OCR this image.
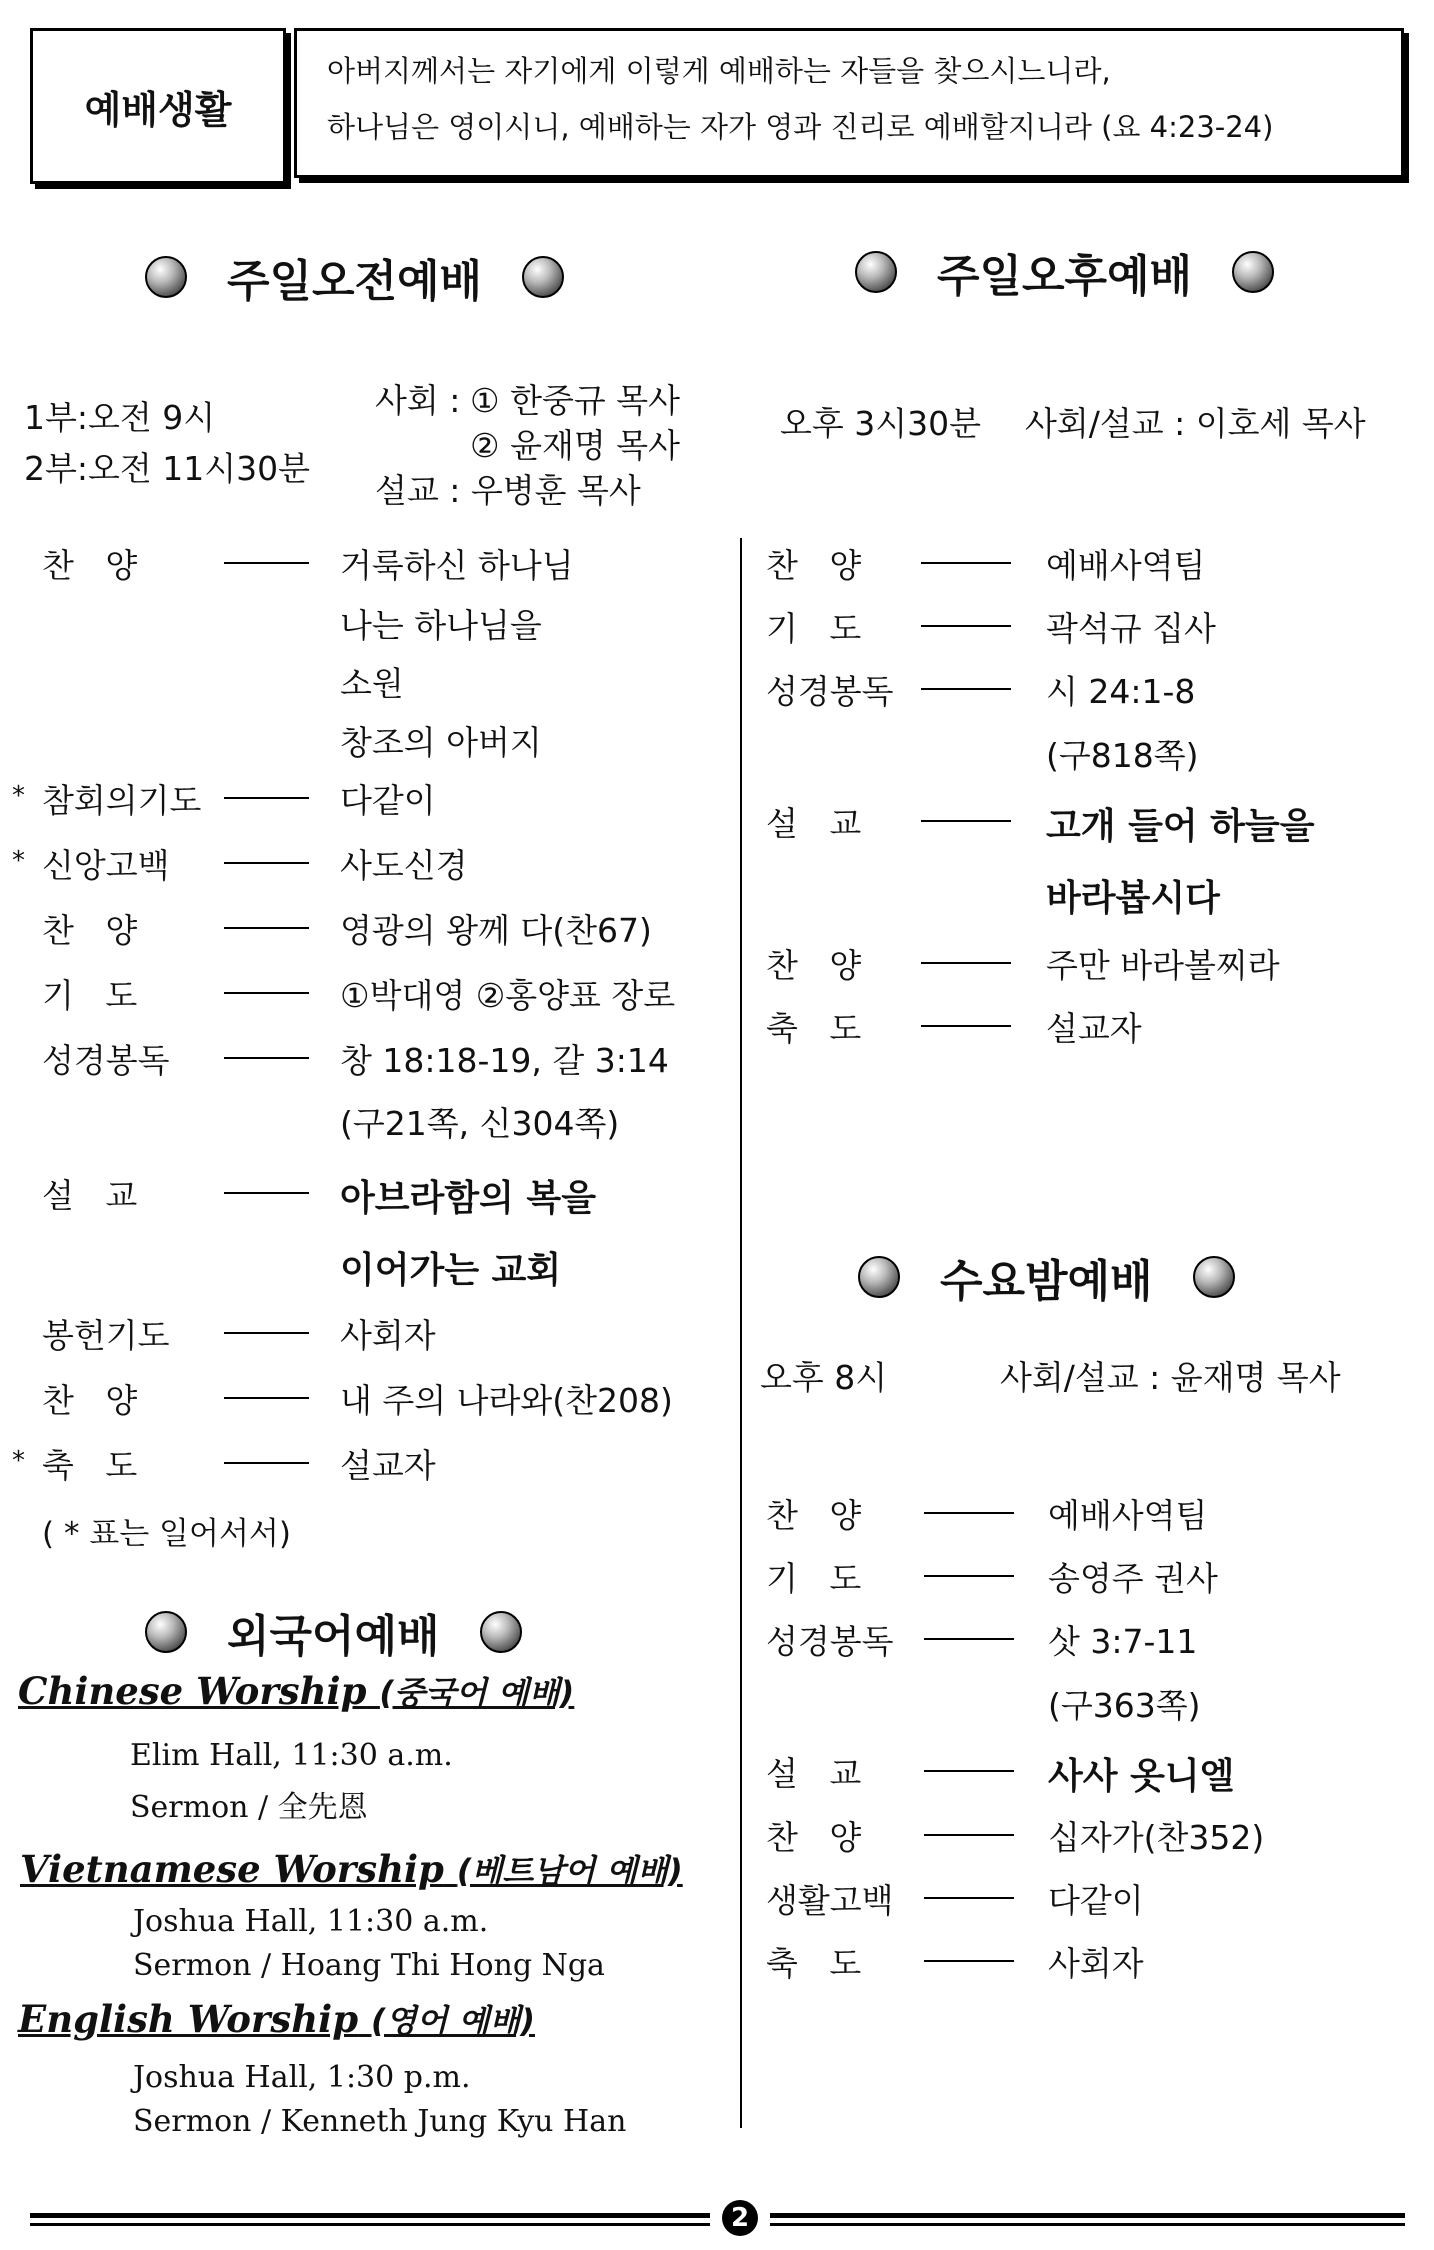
예배생활
아버지께서는 자기에게 이렇게 예배하는 자들을 찾으시느니라,
하나님은 영이시니, 예배하는 자가 영과 진리로 예배할지니라 (요 4:23-24)
주일오전예배	주일오후예배
1부:오전 9시
2부:오전 11시30분
사회 : ① 한중규 목사
② 윤재명 목사
설교 : 우병훈 목사
오후 3시30분 사회/설교 : 이호세 목사
찬   양	거룩하신 하나님
나는 하나님을
소원
창조의 아버지
* 참회의기도	다같이
* 신앙고백	사도신경
찬   양	영광의 왕께 다(찬67)
기   도	①박대영 ②홍양표 장로
성경봉독	창 18:18-19, 갈 3:14
(구21쪽, 신304쪽)
설   교	아브라함의 복을
이어가는 교회
봉헌기도	사회자
찬   양	내 주의 나라와(찬208)
* 축   도	설교자
( * 표는 일어서서)
찬   양	예배사역팀
기   도	곽석규 집사
성경봉독	시 24:1-8
(구818쪽)
설   교	고개 들어 하늘을
바라봅시다
찬   양	주만 바라볼찌라
축   도	설교자
수요밤예배
오후 8시	사회/설교 : 윤재명 목사
찬   양	예배사역팀
기   도	송영주 권사
성경봉독	삿 3:7-11
(구363쪽)
설   교	사사 옷니엘
찬   양	십자가(찬352)
생활고백	다같이
축   도	사회자
외국어예배
Chinese Worship (중국어 예배)
Elim Hall, 11:30 a.m.
Sermon / 全先恩
Vietnamese Worship (베트남어 예배)
Joshua Hall, 11:30 a.m.
Sermon / Hoang Thi Hong Nga
English Worship (영어 예배)
Joshua Hall, 1:30 p.m.
Sermon / Kenneth Jung Kyu Han
2
